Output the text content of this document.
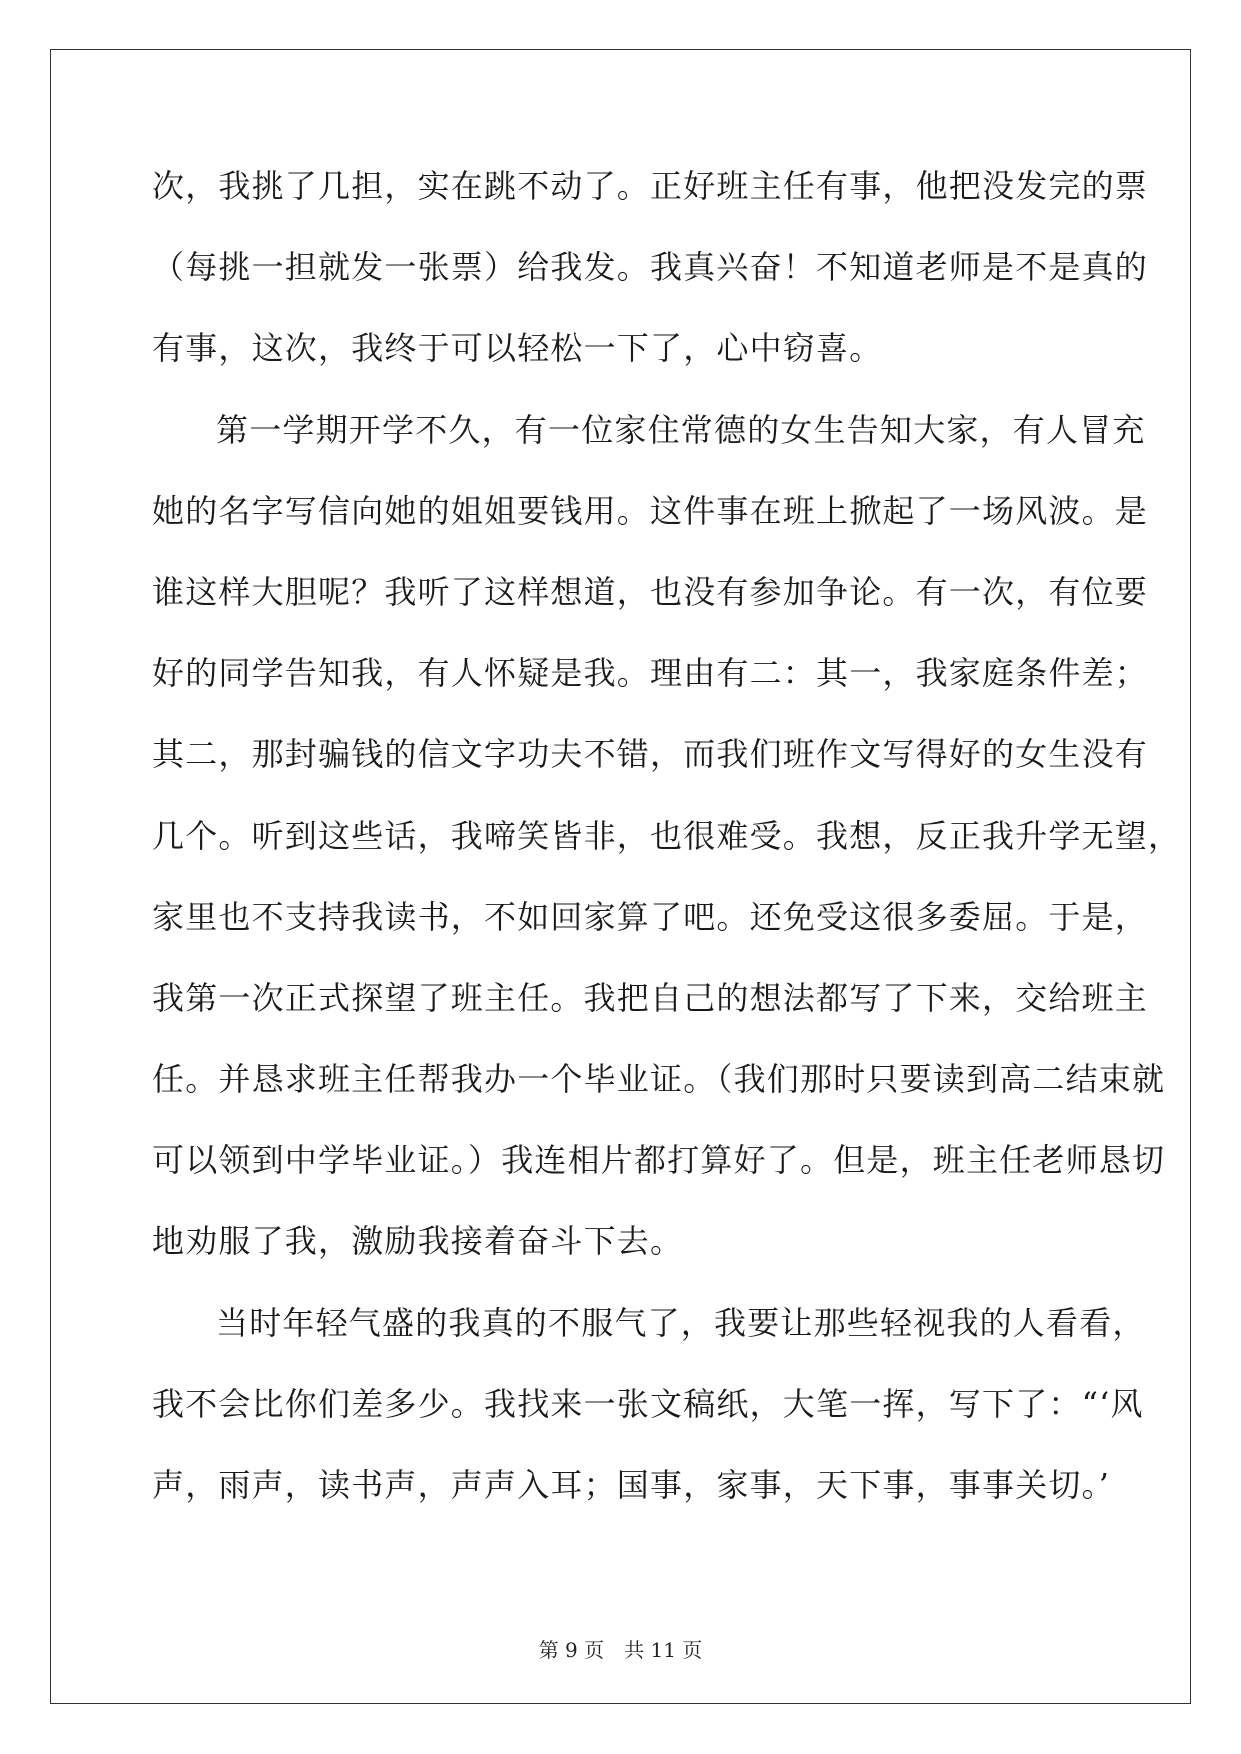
次，我挑了几担，实在跳不动了。正好班主任有事，他把没发完的票
（每挑一担就发一张票）给我发。我真兴奋！不知道老师是不是真的
有事，这次，我终于可以轻松一下了，心中窃喜。
第一学期开学不久，有一位家住常德的女生告知大家，有人冒充
她的名字写信向她的姐姐要钱用。这件事在班上掀起了一场风波。是
谁这样大胆呢？我听了这样想道，也没有参加争论。有一次，有位要
好的同学告知我，有人怀疑是我。理由有二：其一，我家庭条件差；
其二，那封骗钱的信文字功夫不错，而我们班作文写得好的女生没有
几个。听到这些话，我啼笑皆非，也很难受。我想，反正我升学无望，
家里也不支持我读书，不如回家算了吧。还免受这很多委屈。于是，
我第一次正式探望了班主任。我把自己的想法都写了下来，交给班主
任。并恳求班主任帮我办一个毕业证。（我们那时只要读到高二结束就
可以领到中学毕业证。）我连相片都打算好了。但是，班主任老师恳切
地劝服了我，激励我接着奋斗下去。
当时年轻气盛的我真的不服气了，我要让那些轻视我的人看看，
我不会比你们差多少。我找来一张文稿纸，大笔一挥，写下了：“‘风
声，雨声，读书声，声声入耳；国事，家事，天下事，事事关切。’
第 9 页　共 11 页
